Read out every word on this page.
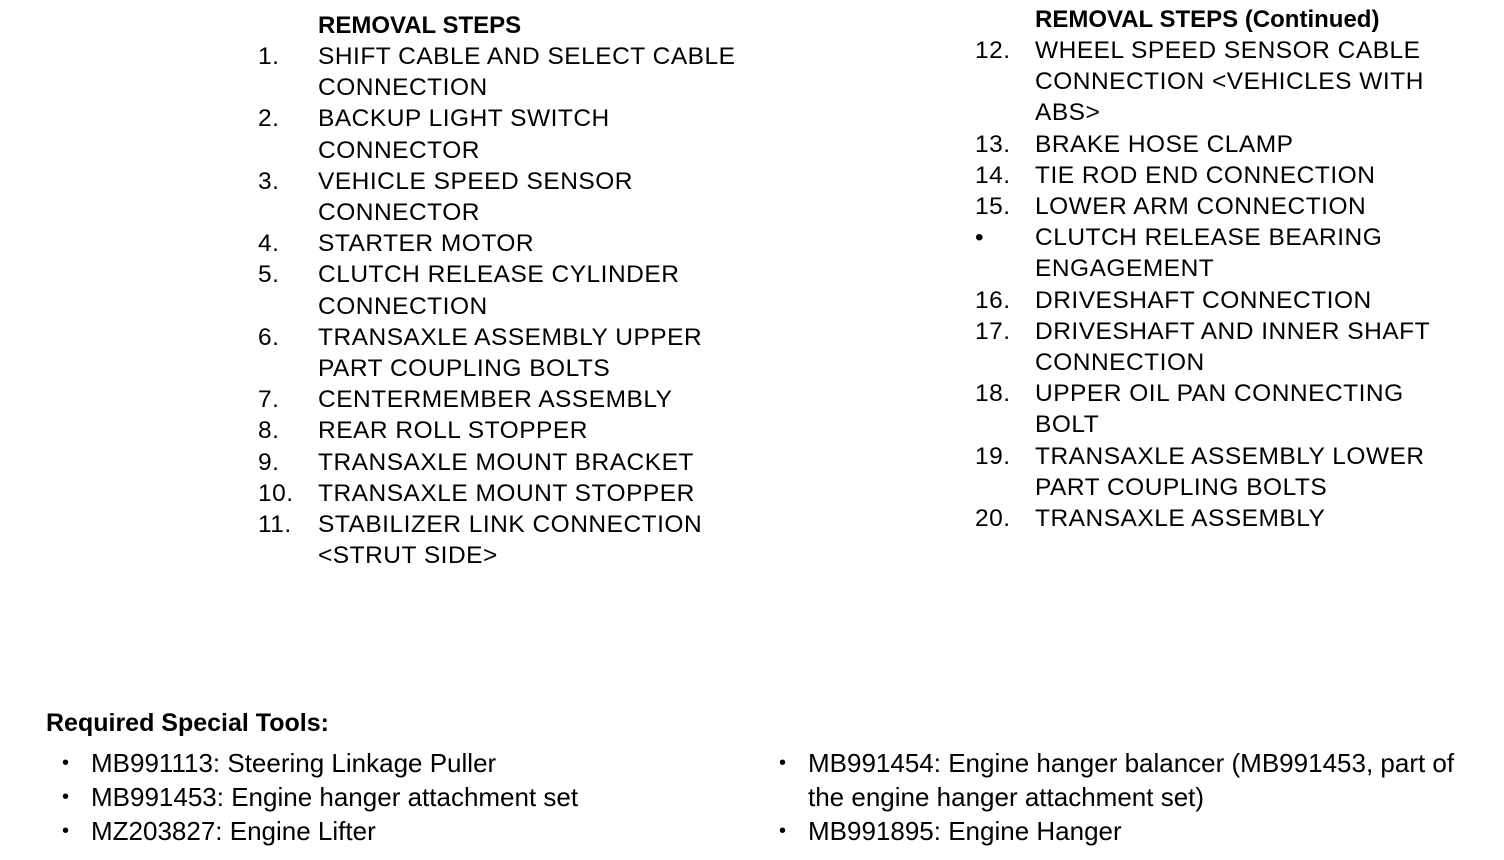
REMOVAL STEPS
1.	SHIFT CABLE AND SELECT CABLE CONNECTION
2.	BACKUP LIGHT SWITCH CONNECTOR
3.	VEHICLE SPEED SENSOR CONNECTOR
4.	STARTER MOTOR
5.	CLUTCH RELEASE CYLINDER CONNECTION
6.	TRANSAXLE ASSEMBLY UPPER PART COUPLING BOLTS
7.	CENTERMEMBER ASSEMBLY
8.	REAR ROLL STOPPER
9.	TRANSAXLE MOUNT BRACKET
10. TRANSAXLE MOUNT STOPPER
11.	STABILIZER LINK CONNECTION <STRUT SIDE>
REMOVAL STEPS (Continued)
12. WHEEL SPEED SENSOR CABLE CONNECTION <VEHICLES WITH ABS>
13. BRAKE HOSE CLAMP
14. TIE ROD END CONNECTION
15. LOWER ARM CONNECTION
•	CLUTCH RELEASE BEARING ENGAGEMENT
16. DRIVESHAFT CONNECTION
17. DRIVESHAFT AND INNER SHAFT CONNECTION
18. UPPER OIL PAN CONNECTING BOLT
19. TRANSAXLE ASSEMBLY LOWER PART COUPLING BOLTS
20. TRANSAXLE ASSEMBLY
Required Special Tools:
• MB991113: Steering Linkage Puller
• MB991453: Engine hanger attachment set
• MZ203827: Engine Lifter
• MB991454: Engine hanger balancer (MB991453, part of the engine hanger attachment set)
• MB991895: Engine Hanger
